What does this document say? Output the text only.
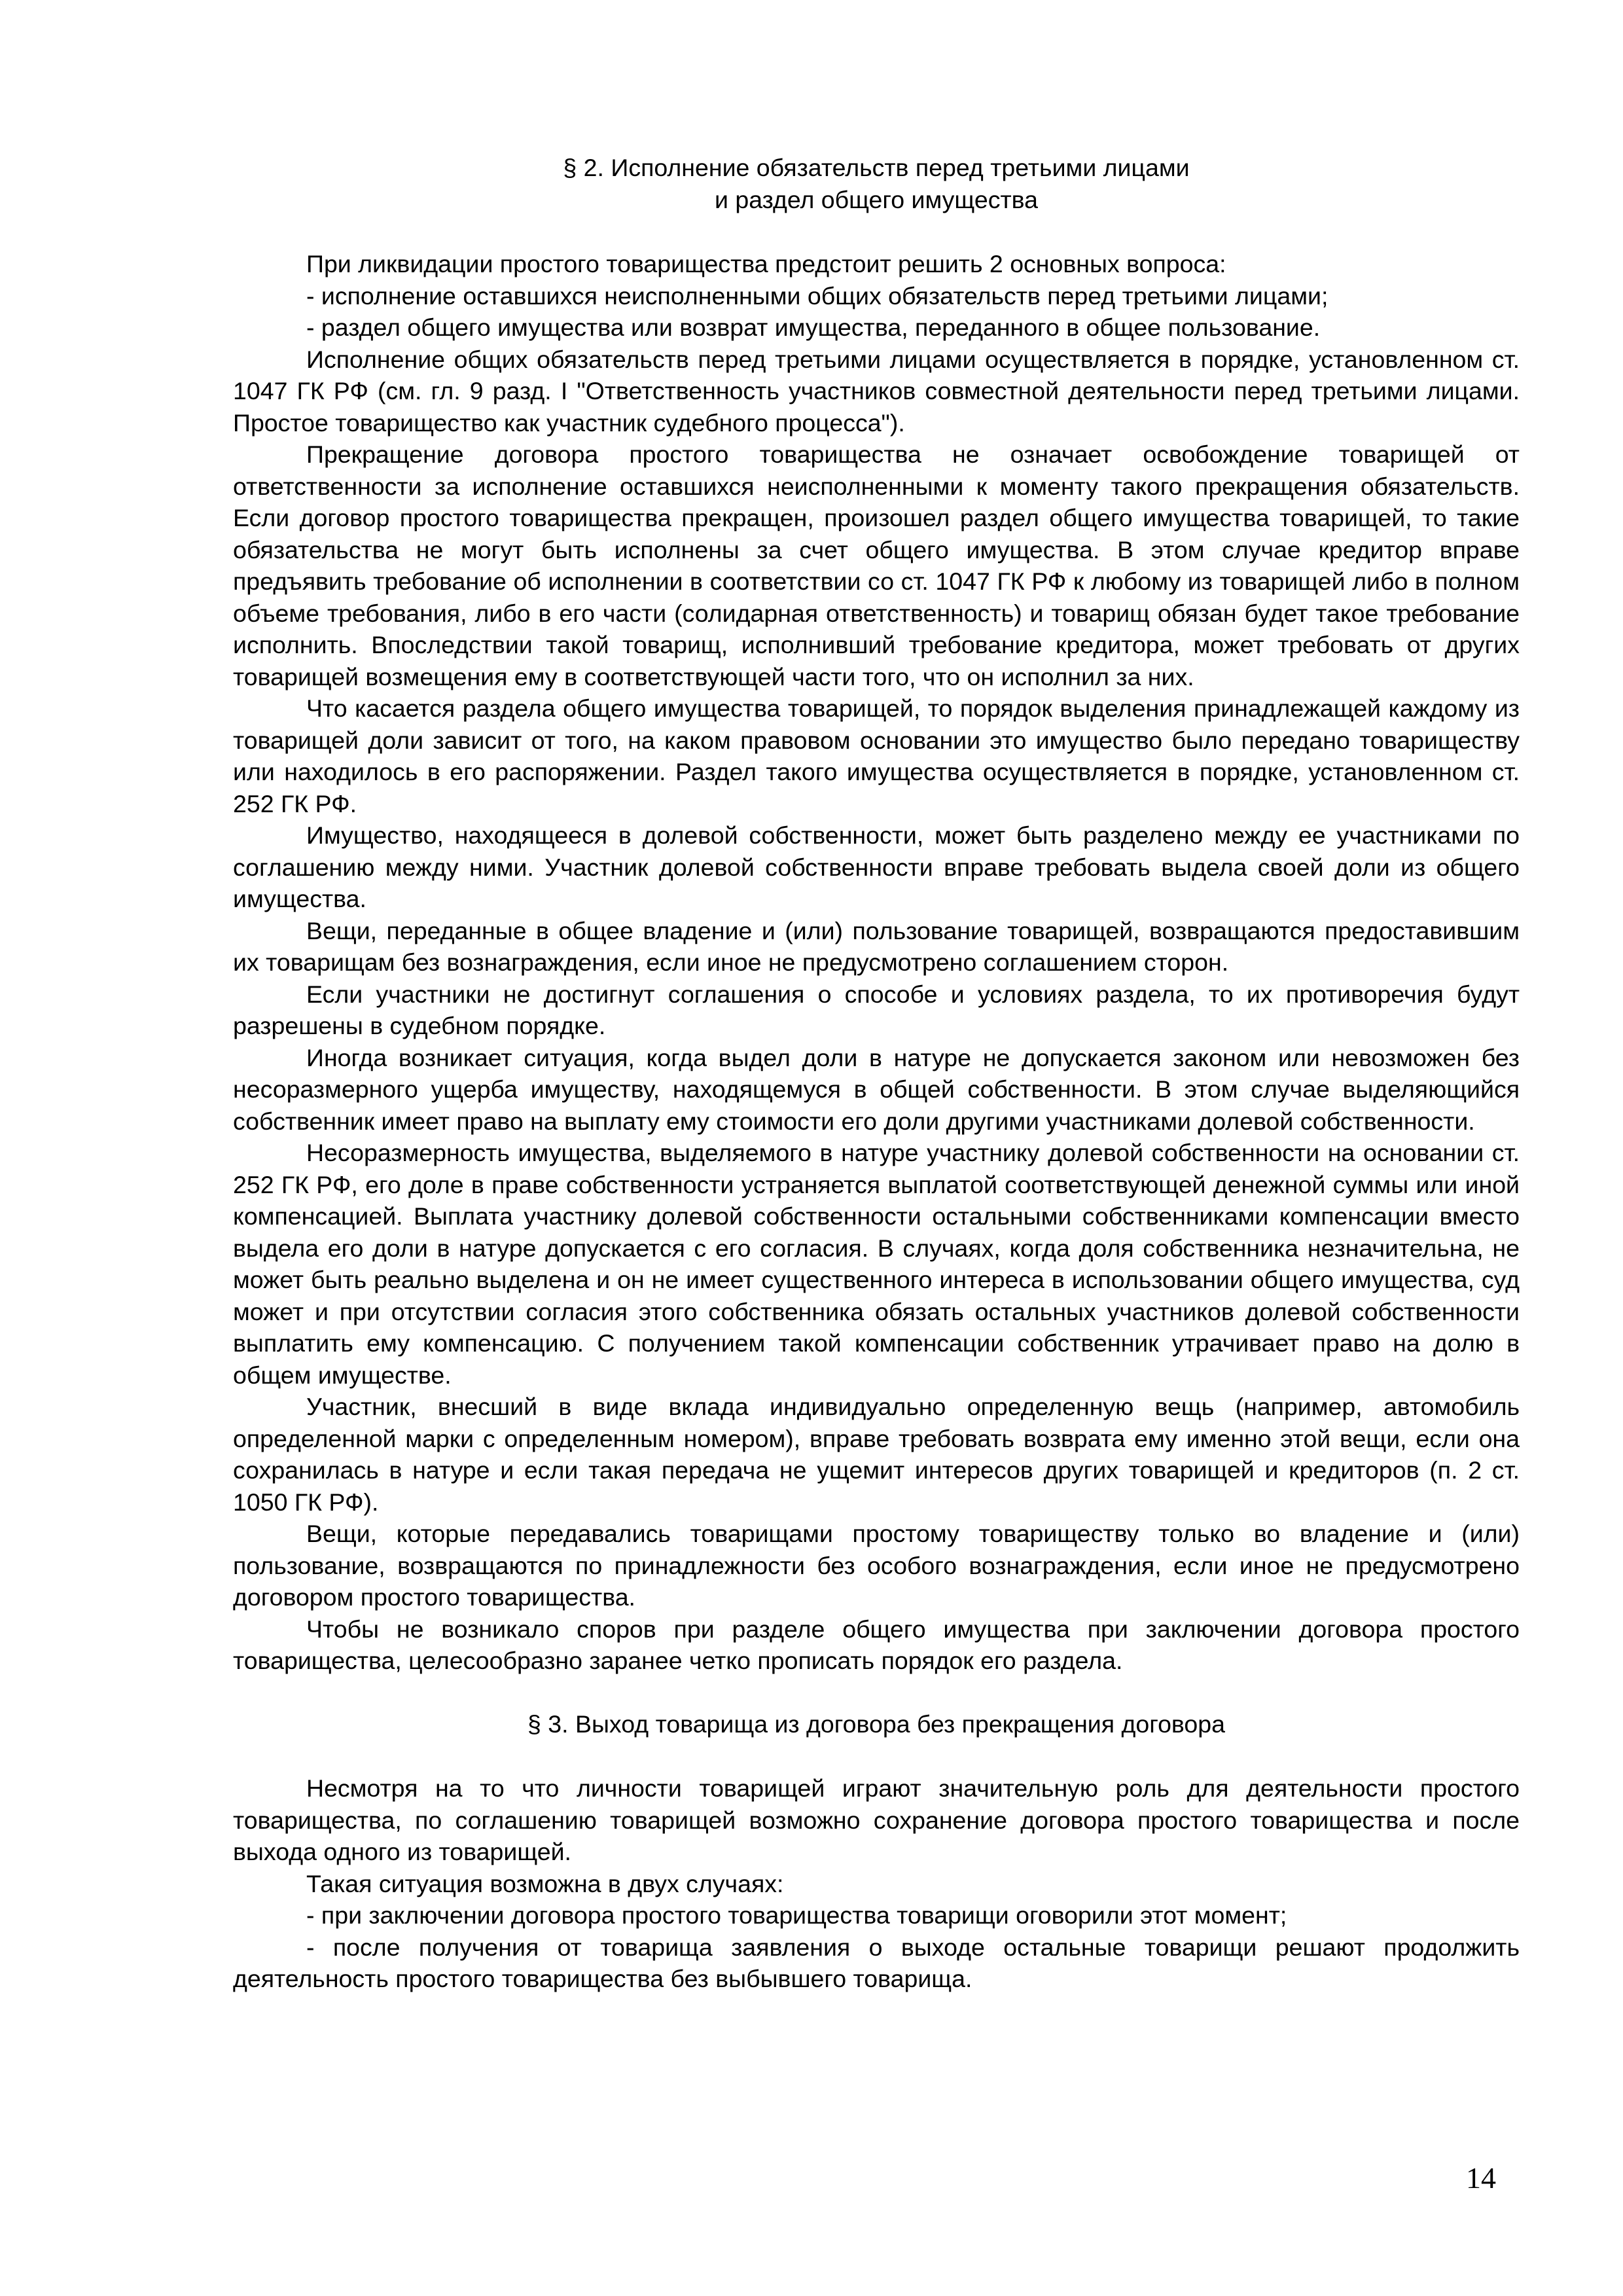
§ 2. Исполнение обязательств перед третьими лицами
и раздел общего имущества

При ликвидации простого товарищества предстоит решить 2 основных вопроса:

- исполнение оставшихся неисполненными общих обязательств перед третьими лицами;

- раздел общего имущества или возврат имущества, переданного в общее пользование.

Исполнение общих обязательств перед третьими лицами осуществляется в порядке, установленном ст. 1047 ГК РФ (см. гл. 9 разд. I "Ответственность участников совместной деятельности перед третьими лицами. Простое товарищество как участник судебного процесса").

Прекращение договора простого товарищества не означает освобождение товарищей от ответственности за исполнение оставшихся неисполненными к моменту такого прекращения обязательств. Если договор простого товарищества прекращен, произошел раздел общего имущества товарищей, то такие обязательства не могут быть исполнены за счет общего имущества. В этом случае кредитор вправе предъявить требование об исполнении в соответствии со ст. 1047 ГК РФ к любому из товарищей либо в полном объеме требования, либо в его части (солидарная ответственность) и товарищ обязан будет такое требование исполнить. Впоследствии такой товарищ, исполнивший требование кредитора, может требовать от других товарищей возмещения ему в соответствующей части того, что он исполнил за них.

Что касается раздела общего имущества товарищей, то порядок выделения принадлежащей каждому из товарищей доли зависит от того, на каком правовом основании это имущество было передано товариществу или находилось в его распоряжении. Раздел такого имущества осуществляется в порядке, установленном ст. 252 ГК РФ.

Имущество, находящееся в долевой собственности, может быть разделено между ее участниками по соглашению между ними. Участник долевой собственности вправе требовать выдела своей доли из общего имущества.

Вещи, переданные в общее владение и (или) пользование товарищей, возвращаются предоставившим их товарищам без вознаграждения, если иное не предусмотрено соглашением сторон.

Если участники не достигнут соглашения о способе и условиях раздела, то их противоречия будут разрешены в судебном порядке.

Иногда возникает ситуация, когда выдел доли в натуре не допускается законом или невозможен без несоразмерного ущерба имуществу, находящемуся в общей собственности. В этом случае выделяющийся собственник имеет право на выплату ему стоимости его доли другими участниками долевой собственности.

Несоразмерность имущества, выделяемого в натуре участнику долевой собственности на основании ст. 252 ГК РФ, его доле в праве собственности устраняется выплатой соответствующей денежной суммы или иной компенсацией. Выплата участнику долевой собственности остальными собственниками компенсации вместо выдела его доли в натуре допускается с его согласия. В случаях, когда доля собственника незначительна, не может быть реально выделена и он не имеет существенного интереса в использовании общего имущества, суд может и при отсутствии согласия этого собственника обязать остальных участников долевой собственности выплатить ему компенсацию. С получением такой компенсации собственник утрачивает право на долю в общем имуществе.

Участник, внесший в виде вклада индивидуально определенную вещь (например, автомобиль определенной марки с определенным номером), вправе требовать возврата ему именно этой вещи, если она сохранилась в натуре и если такая передача не ущемит интересов других товарищей и кредиторов (п. 2 ст. 1050 ГК РФ).

Вещи, которые передавались товарищами простому товариществу только во владение и (или) пользование, возвращаются по принадлежности без особого вознаграждения, если иное не предусмотрено договором простого товарищества.

Чтобы не возникало споров при разделе общего имущества при заключении договора простого товарищества, целесообразно заранее четко прописать порядок его раздела.

§ 3. Выход товарища из договора без прекращения договора

Несмотря на то что личности товарищей играют значительную роль для деятельности простого товарищества, по соглашению товарищей возможно сохранение договора простого товарищества и после выхода одного из товарищей.

Такая ситуация возможна в двух случаях:

- при заключении договора простого товарищества товарищи оговорили этот момент;

- после получения от товарища заявления о выходе остальные товарищи решают продолжить деятельность простого товарищества без выбывшего товарища.

14
